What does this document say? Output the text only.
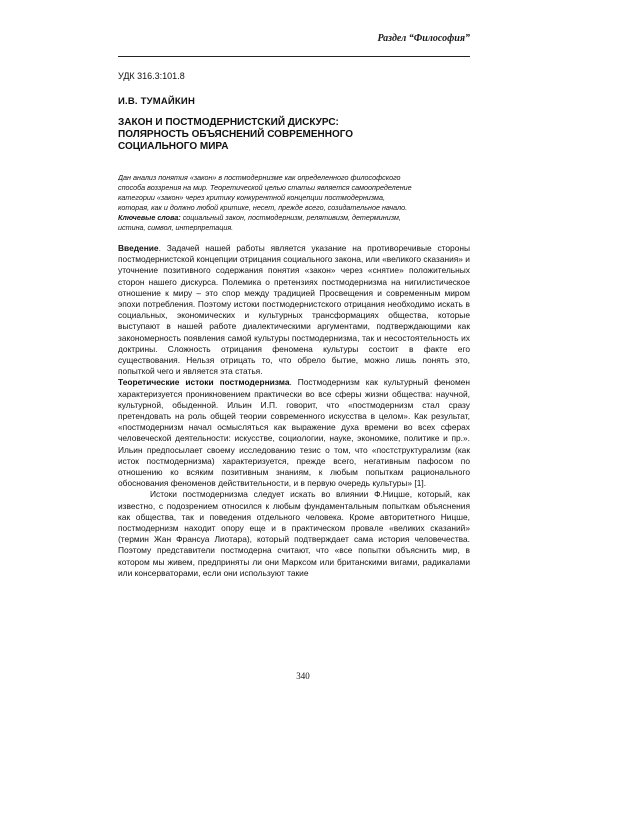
Раздел “Философия”
УДК 316.3:101.8
И.В. ТУМАЙКИН
ЗАКОН И ПОСТМОДЕРНИСТСКИЙ ДИСКУРС:
ПОЛЯРНОСТЬ ОБЪЯСНЕНИЙ СОВРЕМЕННОГО
СОЦИАЛЬНОГО МИРА
Дан анализ понятия «закон» в постмодернизме как определенного философского
способа воззрения на мир. Теоретической целью статьи является самоопределение
категории «закон» через критику конкурентной концепции постмодернизма,
которая, как и должно любой критике, несет, прежде всего, созидательное начало.
Ключевые слова: социальный закон, постмодернизм, релятивизм, детерминизм,
истина, символ, интерпретация.

Введение. Задачей нашей работы является указание на противоречивые стороны постмодернистской концепции отрицания социального закона, или «великого сказания» и уточнение позитивного содержания понятия «закон» через «снятие» положительных сторон нашего дискурса. Полемика о претензиях постмодернизма на нигилистическое отношение к миру – это спор между традицией Просвещения и современным миром эпохи потребления. Поэтому истоки постмодернистского отрицания необходимо искать в социальных, экономических и культурных трансформациях общества, которые выступают в нашей работе диалектическими аргументами, подтверждающими как закономерность появления самой культуры постмодернизма, так и несостоятельность их доктрины. Сложность отрицания феномена культуры состоит в факте его существования. Нельзя отрицать то, что обрело бытие, можно лишь понять это, попыткой чего и является эта статья.

Теоретические истоки постмодернизма. Постмодернизм как культурный феномен характеризуется проникновением практически во все сферы жизни общества: научной, культурной, обыденной. Ильин И.П. говорит, что «постмодернизм стал сразу претендовать на роль общей теории современного искусства в целом». Как результат, «постмодернизм начал осмысляться как выражение духа времени во всех сферах человеческой деятельности: искусстве, социологии, науке, экономике, политике и пр.». Ильин предпосылает своему исследованию тезис о том, что «постструктурализм (как исток постмодернизма) характеризуется, прежде всего, негативным пафосом по отношению ко всяким позитивным знаниям, к любым попыткам рационального обоснования феноменов действительности, и в первую очередь культуры» [1].

Истоки постмодернизма следует искать во влиянии Ф.Ницше, который, как известно, с подозрением относился к любым фундаментальным попыткам объяснения как общества, так и поведения отдельного человека. Кроме авторитетного Ницше, постмодернизм находит опору еще и в практическом провале «великих сказаний» (термин Жан Франсуа Лиотара), который подтверждает сама история человечества. Поэтому представители постмодерна считают, что «все попытки объяснить мир, в котором мы живем, предприняты ли они Марксом или британскими вигами, радикалами или консерваторами, если они используют такие

340
